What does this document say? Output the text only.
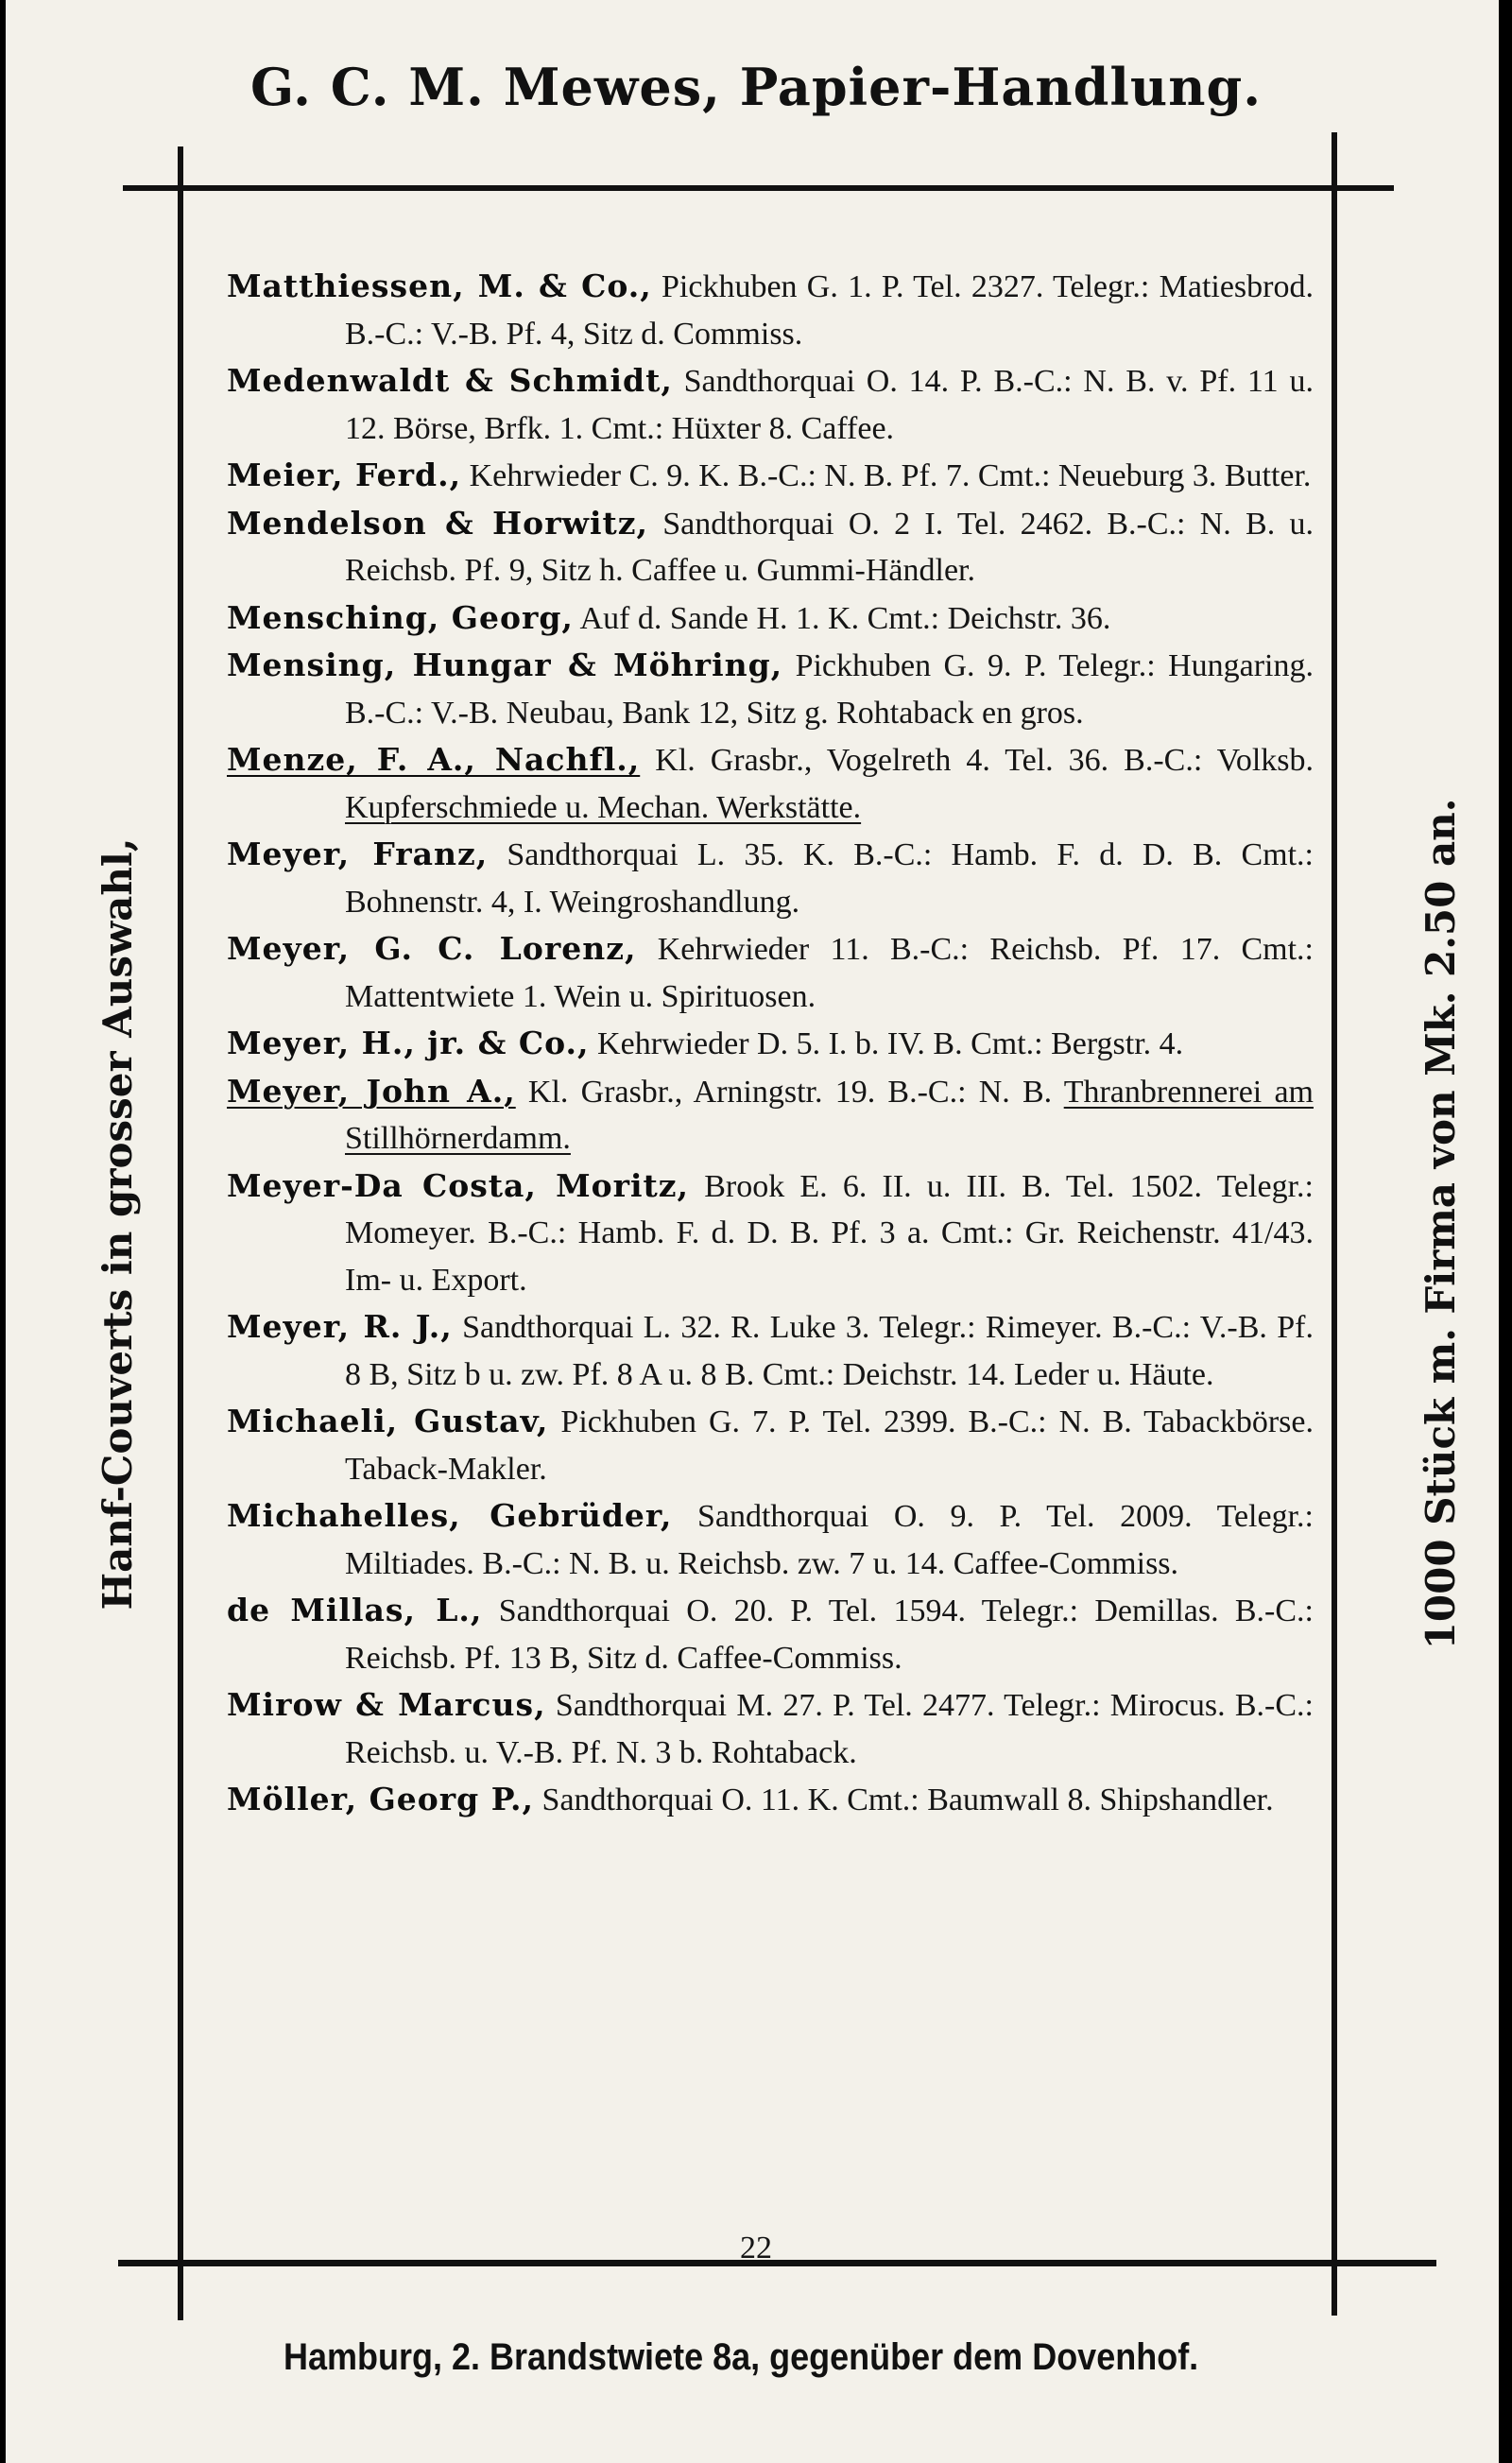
G. C. M. Mewes, Papier-Handlung.
Hanf-Couverts in grosser Auswahl,	1000 Stück m. Firma von Mk. 2.50 an.
Matthiessen, M. & Co., Pickhuben G. 1. P. Tel. 2327. Telegr.: Matiesbrod. B.-C.: V.-B. Pf. 4, Sitz d. Commiss.
Medenwaldt & Schmidt, Sandthorquai O. 14. P. B.-C.: N. B. v. Pf. 11 u. 12. Börse, Brfk. 1. Cmt.: Hüxter 8. Caffee.
Meier, Ferd., Kehrwieder C. 9. K. B.-C.: N. B. Pf. 7. Cmt.: Neueburg 3. Butter.
Mendelson & Horwitz, Sandthorquai O. 2 I. Tel. 2462. B.-C.: N. B. u. Reichsb. Pf. 9, Sitz h. Caffee u. Gummi-Händler.
Mensching, Georg, Auf d. Sande H. 1. K. Cmt.: Deichstr. 36.
Mensing, Hungar & Möhring, Pickhuben G. 9. P. Telegr.: Hungaring. B.-C.: V.-B. Neubau, Bank 12, Sitz g. Rohtaback en gros.
Menze, F. A., Nachfl., Kl. Grasbr., Vogelreth 4. Tel. 36. B.-C.: Volksb. Kupferschmiede u. Mechan. Werkstätte.
Meyer, Franz, Sandthorquai L. 35. K. B.-C.: Hamb. F. d. D. B. Cmt.: Bohnenstr. 4, I. Weingroshandlung.
Meyer, G. C. Lorenz, Kehrwieder 11. B.-C.: Reichsb. Pf. 17. Cmt.: Mattentwiete 1. Wein u. Spirituosen.
Meyer, H., jr. & Co., Kehrwieder D. 5. I. b. IV. B. Cmt.: Bergstr. 4.
Meyer, John A., Kl. Grasbr., Arningstr. 19. B.-C.: N. B. Thranbrennerei am Stillhörnerdamm.
Meyer-Da Costa, Moritz, Brook E. 6. II. u. III. B. Tel. 1502. Telegr.: Momeyer. B.-C.: Hamb. F. d. D. B. Pf. 3 a. Cmt.: Gr. Reichenstr. 41/43. Im- u. Export.
Meyer, R. J., Sandthorquai L. 32. R. Luke 3. Telegr.: Rimeyer. B.-C.: V.-B. Pf. 8 B, Sitz b u. zw. Pf. 8 A u. 8 B. Cmt.: Deichstr. 14. Leder u. Häute.
Michaeli, Gustav, Pickhuben G. 7. P. Tel. 2399. B.-C.: N. B. Tabackbörse. Taback-Makler.
Michahelles, Gebrüder, Sandthorquai O. 9. P. Tel. 2009. Telegr.: Miltiades. B.-C.: N. B. u. Reichsb. zw. 7 u. 14. Caffee-Commiss.
de Millas, L., Sandthorquai O. 20. P. Tel. 1594. Telegr.: Demillas. B.-C.: Reichsb. Pf. 13 B, Sitz d. Caffee-Commiss.
Mirow & Marcus, Sandthorquai M. 27. P. Tel. 2477. Telegr.: Mirocus. B.-C.: Reichsb. u. V.-B. Pf. N. 3 b. Rohtaback.
Möller, Georg P., Sandthorquai O. 11. K. Cmt.: Baumwall 8. Shipshandler.
22
Hamburg, 2. Brandstwiete 8a, gegenüber dem Dovenhof.
